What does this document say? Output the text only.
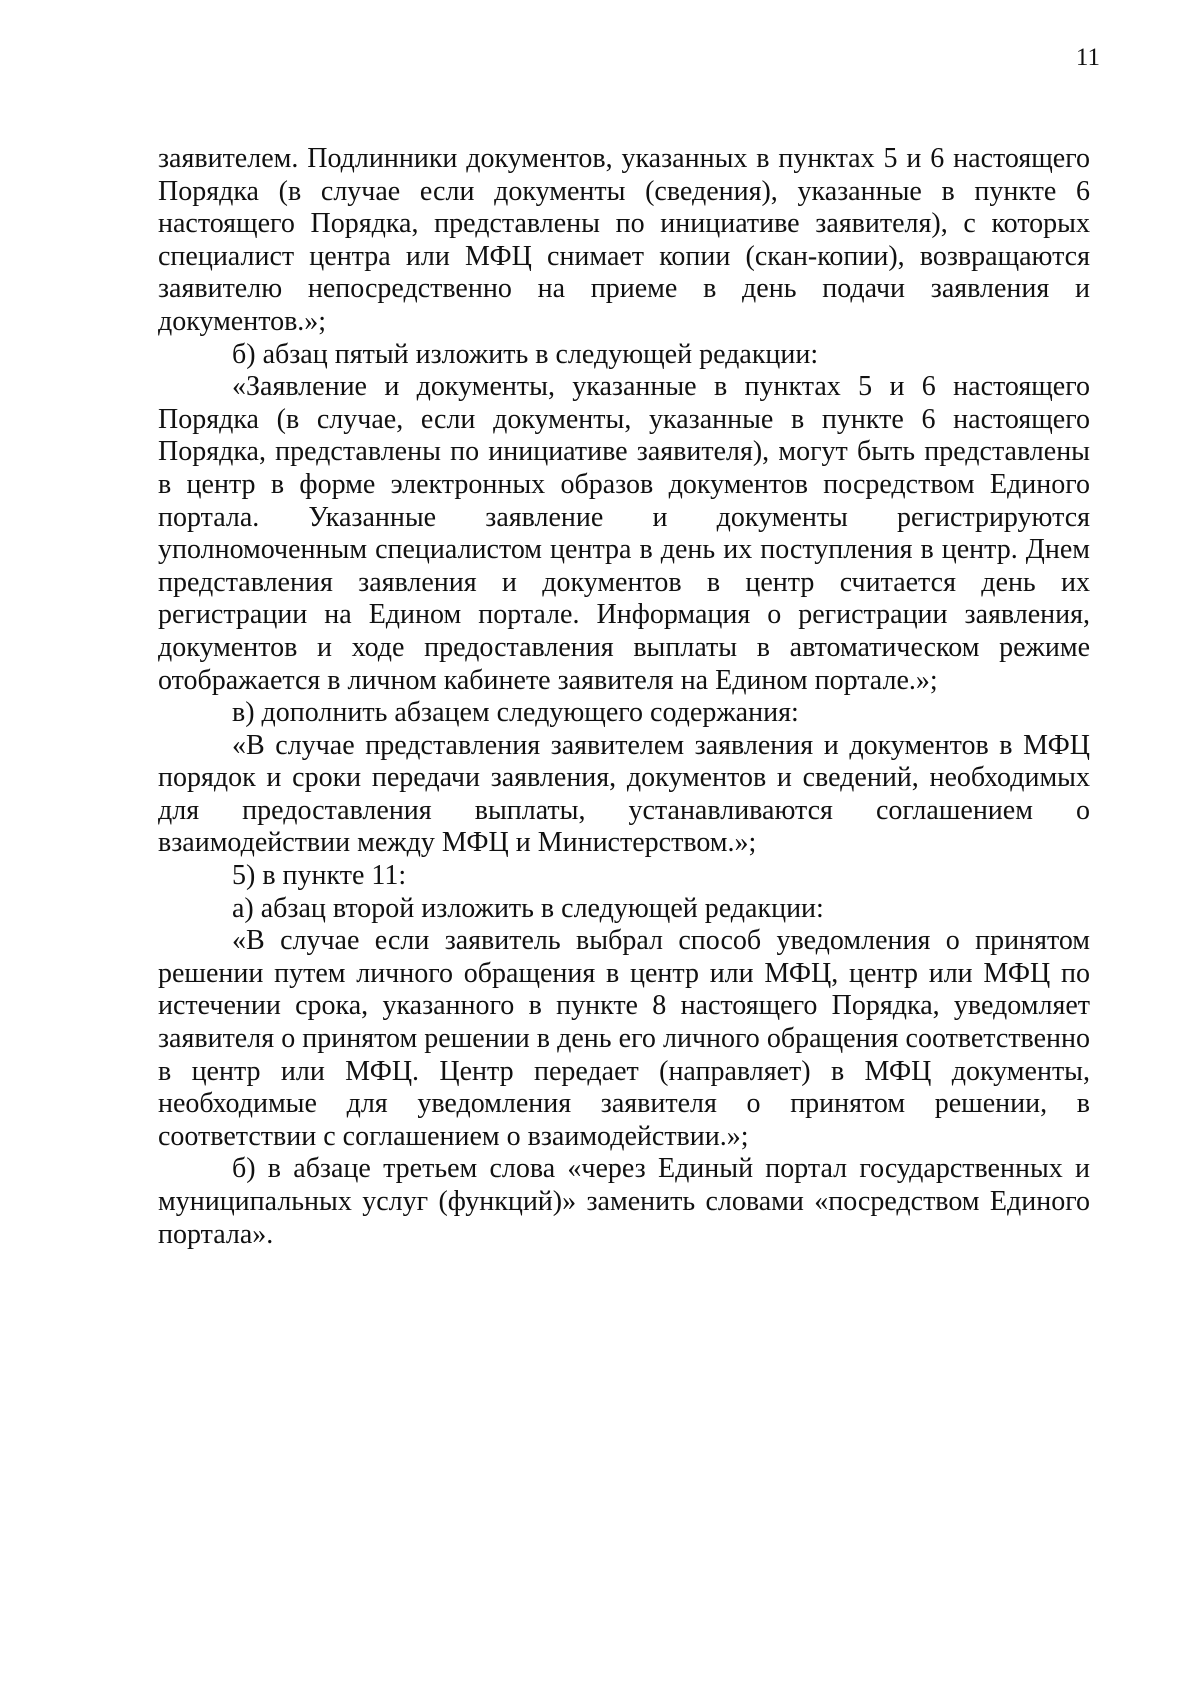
11

заявителем. Подлинники документов, указанных в пунктах 5 и 6 настоящего Порядка (в случае если документы (сведения), указанные в пункте 6 настоящего Порядка, представлены по инициативе заявителя), с которых специалист центра или МФЦ снимает копии (скан-копии), возвращаются заявителю непосредственно на приеме в день подачи заявления и документов.»;

б) абзац пятый изложить в следующей редакции:

«Заявление и документы, указанные в пунктах 5 и 6 настоящего Порядка (в случае, если документы, указанные в пункте 6 настоящего Порядка, представлены по инициативе заявителя), могут быть представлены в центр в форме электронных образов документов посредством Единого портала. Указанные заявление и документы регистрируются уполномоченным специалистом центра в день их поступления в центр. Днем представления заявления и документов в центр считается день их регистрации на Едином портале. Информация о регистрации заявления, документов и ходе предоставления выплаты в автоматическом режиме отображается в личном кабинете заявителя на Едином портале.»;

в) дополнить абзацем следующего содержания:

«В случае представления заявителем заявления и документов в МФЦ порядок и сроки передачи заявления, документов и сведений, необходимых для предоставления выплаты, устанавливаются соглашением о взаимодействии между МФЦ и Министерством.»;

5) в пункте 11:

а) абзац второй изложить в следующей редакции:

«В случае если заявитель выбрал способ уведомления о принятом решении путем личного обращения в центр или МФЦ, центр или МФЦ по истечении срока, указанного в пункте 8 настоящего Порядка, уведомляет заявителя о принятом решении в день его личного обращения соответственно в центр или МФЦ. Центр передает (направляет) в МФЦ документы, необходимые для уведомления заявителя о принятом решении, в соответствии с соглашением о взаимодействии.»;

б) в абзаце третьем слова «через Единый портал государственных и муниципальных услуг (функций)» заменить словами «посредством Единого портала».
